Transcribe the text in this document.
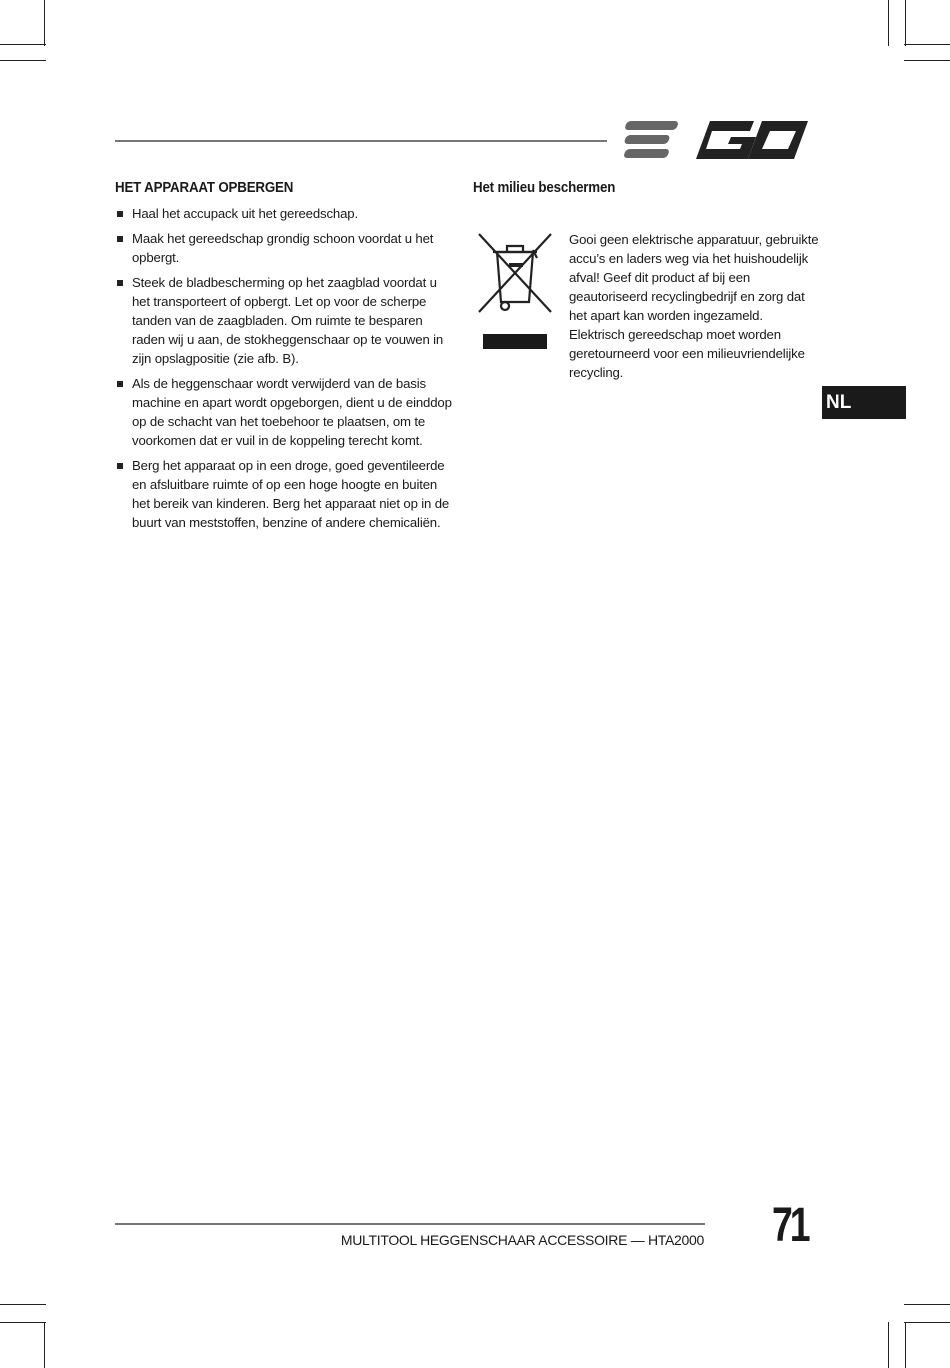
HET APPARAAT OPBERGEN
Haal het accupack uit het gereedschap.
Maak het gereedschap grondig schoon voordat u het opbergt.
Steek de bladbescherming op het zaagblad voordat u het transporteert of opbergt. Let op voor de scherpe tanden van de zaagbladen. Om ruimte te besparen raden wij u aan, de stokheggenschaar op te vouwen in zijn opslagpositie (zie afb. B).
Als de heggenschaar wordt verwijderd van de basis machine en apart wordt opgeborgen, dient u de einddop op de schacht van het toebehoor te plaatsen, om te voorkomen dat er vuil in de koppeling terecht komt.
Berg het apparaat op in een droge, goed geventileerde en afsluitbare ruimte of op een hoge hoogte en buiten het bereik van kinderen. Berg het apparaat niet op in de buurt van meststoffen, benzine of andere chemicaliën.
Het milieu beschermen

Gooi geen elektrische apparatuur, gebruikte accu’s en laders weg via het huishoudelijk afval! Geef dit product af bij een geautoriseerd recyclingbedrijf en zorg dat het apart kan worden ingezameld. Elektrisch gereedschap moet worden geretourneerd voor een milieuvriendelijke recycling.

NL
MULTITOOL HEGGENSCHAAR ACCESSOIRE — HTA2000 71
